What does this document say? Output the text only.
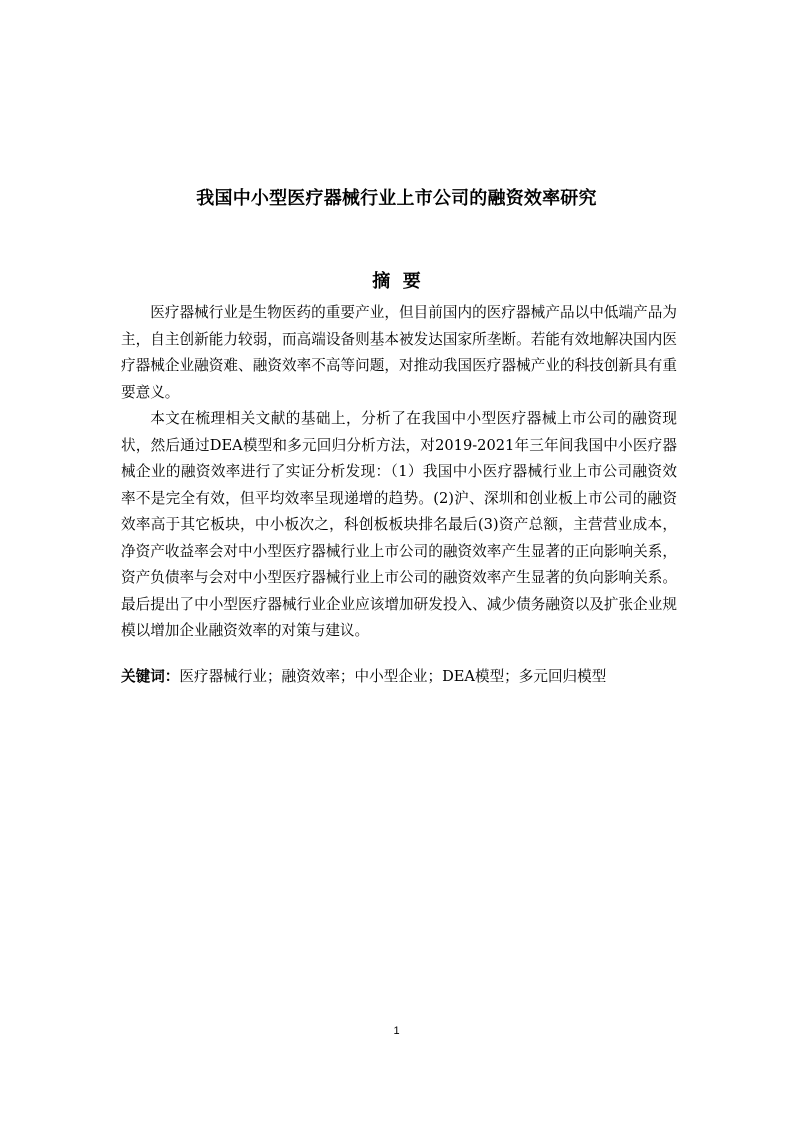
我国中小型医疗器械行业上市公司的融资效率研究
摘  要

医疗器械行业是生物医药的重要产业，但目前国内的医疗器械产品以中低端产品为主，自主创新能力较弱，而高端设备则基本被发达国家所垄断。若能有效地解决国内医疗器械企业融资难、融资效率不高等问题，对推动我国医疗器械产业的科技创新具有重要意义。

本文在梳理相关文献的基础上，分析了在我国中小型医疗器械上市公司的融资现状，然后通过DEA模型和多元回归分析方法，对2019-2021年三年间我国中小医疗器械企业的融资效率进行了实证分析发现：（1）我国中小医疗器械行业上市公司融资效率不是完全有效，但平均效率呈现递增的趋势。(2)沪、深圳和创业板上市公司的融资效率高于其它板块，中小板次之，科创板板块排名最后(3)资产总额，主营营业成本，净资产收益率会对中小型医疗器械行业上市公司的融资效率产生显著的正向影响关系，资产负债率与会对中小型医疗器械行业上市公司的融资效率产生显著的负向影响关系。最后提出了中小型医疗器械行业企业应该增加研发投入、减少债务融资以及扩张企业规模以增加企业融资效率的对策与建议。

关键词：医疗器械行业；融资效率；中小型企业；DEA模型；多元回归模型
1
